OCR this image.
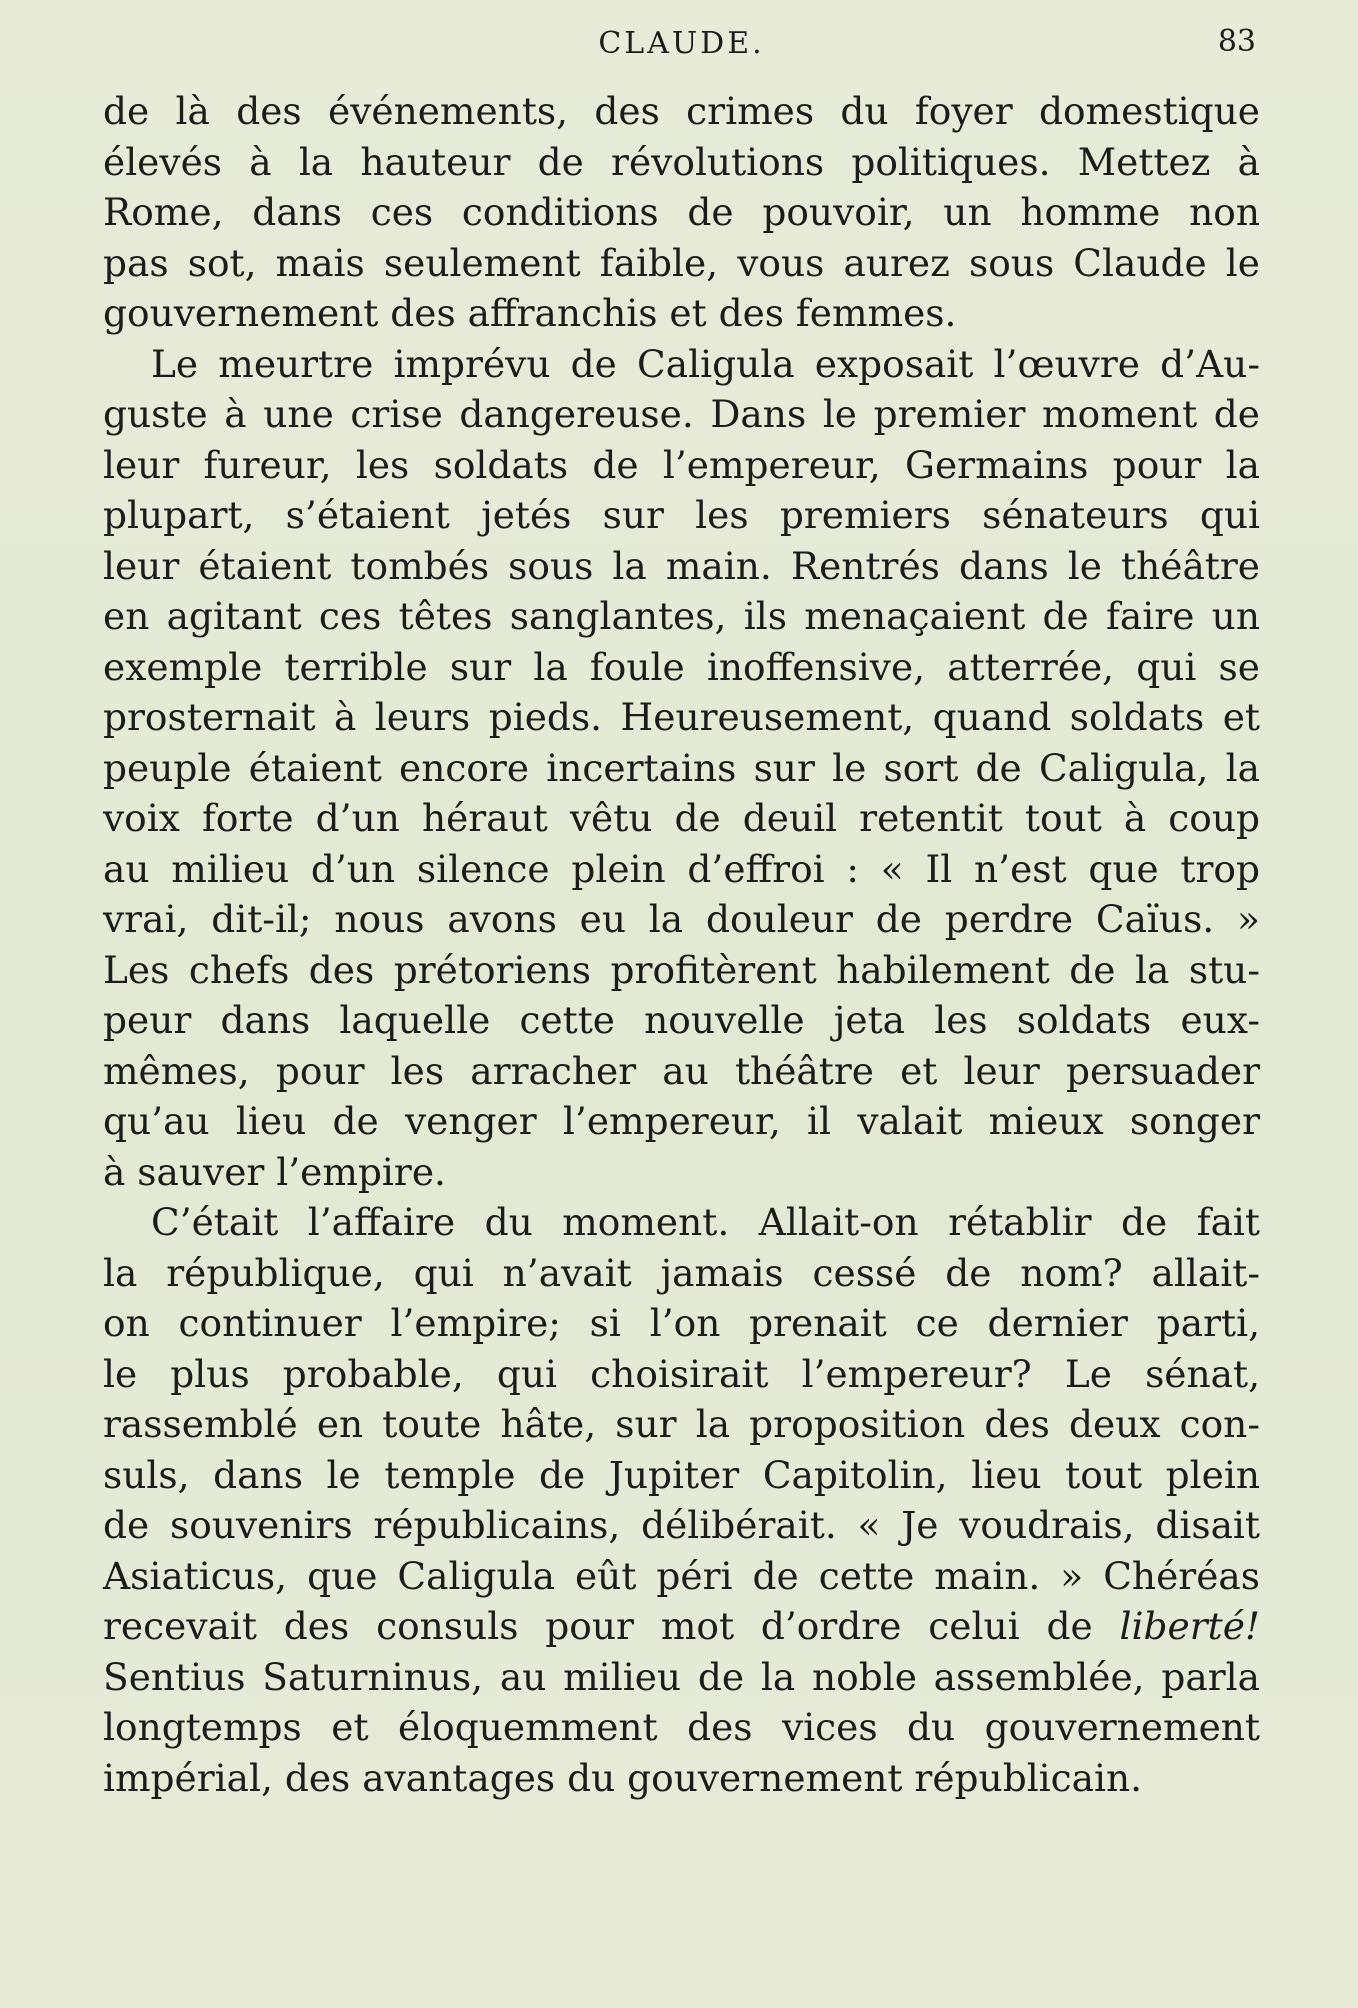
CLAUDE.	83

de là des événements, des crimes du foyer domestique
élevés à la hauteur de révolutions politiques. Mettez à
Rome, dans ces conditions de pouvoir, un homme non
pas sot, mais seulement faible, vous aurez sous Claude le
gouvernement des affranchis et des femmes.

Le meurtre imprévu de Caligula exposait l’œuvre d’Au-
guste à une crise dangereuse. Dans le premier moment de
leur fureur, les soldats de l’empereur, Germains pour la
plupart, s’étaient jetés sur les premiers sénateurs qui
leur étaient tombés sous la main. Rentrés dans le théâtre
en agitant ces têtes sanglantes, ils menaçaient de faire un
exemple terrible sur la foule inoffensive, atterrée, qui se
prosternait à leurs pieds. Heureusement, quand soldats et
peuple étaient encore incertains sur le sort de Caligula, la
voix forte d’un héraut vêtu de deuil retentit tout à coup
au milieu d’un silence plein d’effroi : « Il n’est que trop
vrai, dit-il; nous avons eu la douleur de perdre Caïus. »
Les chefs des prétoriens profitèrent habilement de la stu-
peur dans laquelle cette nouvelle jeta les soldats eux-
mêmes, pour les arracher au théâtre et leur persuader
qu’au lieu de venger l’empereur, il valait mieux songer
à sauver l’empire.

C’était l’affaire du moment. Allait-on rétablir de fait
la république, qui n’avait jamais cessé de nom? allait-
on continuer l’empire; si l’on prenait ce dernier parti,
le plus probable, qui choisirait l’empereur? Le sénat,
rassemblé en toute hâte, sur la proposition des deux con-
suls, dans le temple de Jupiter Capitolin, lieu tout plein
de souvenirs républicains, délibérait. « Je voudrais, disait
Asiaticus, que Caligula eût péri de cette main. » Chéréas
recevait des consuls pour mot d’ordre celui de liberté!
Sentius Saturninus, au milieu de la noble assemblée, parla
longtemps et éloquemment des vices du gouvernement
impérial, des avantages du gouvernement républicain.
